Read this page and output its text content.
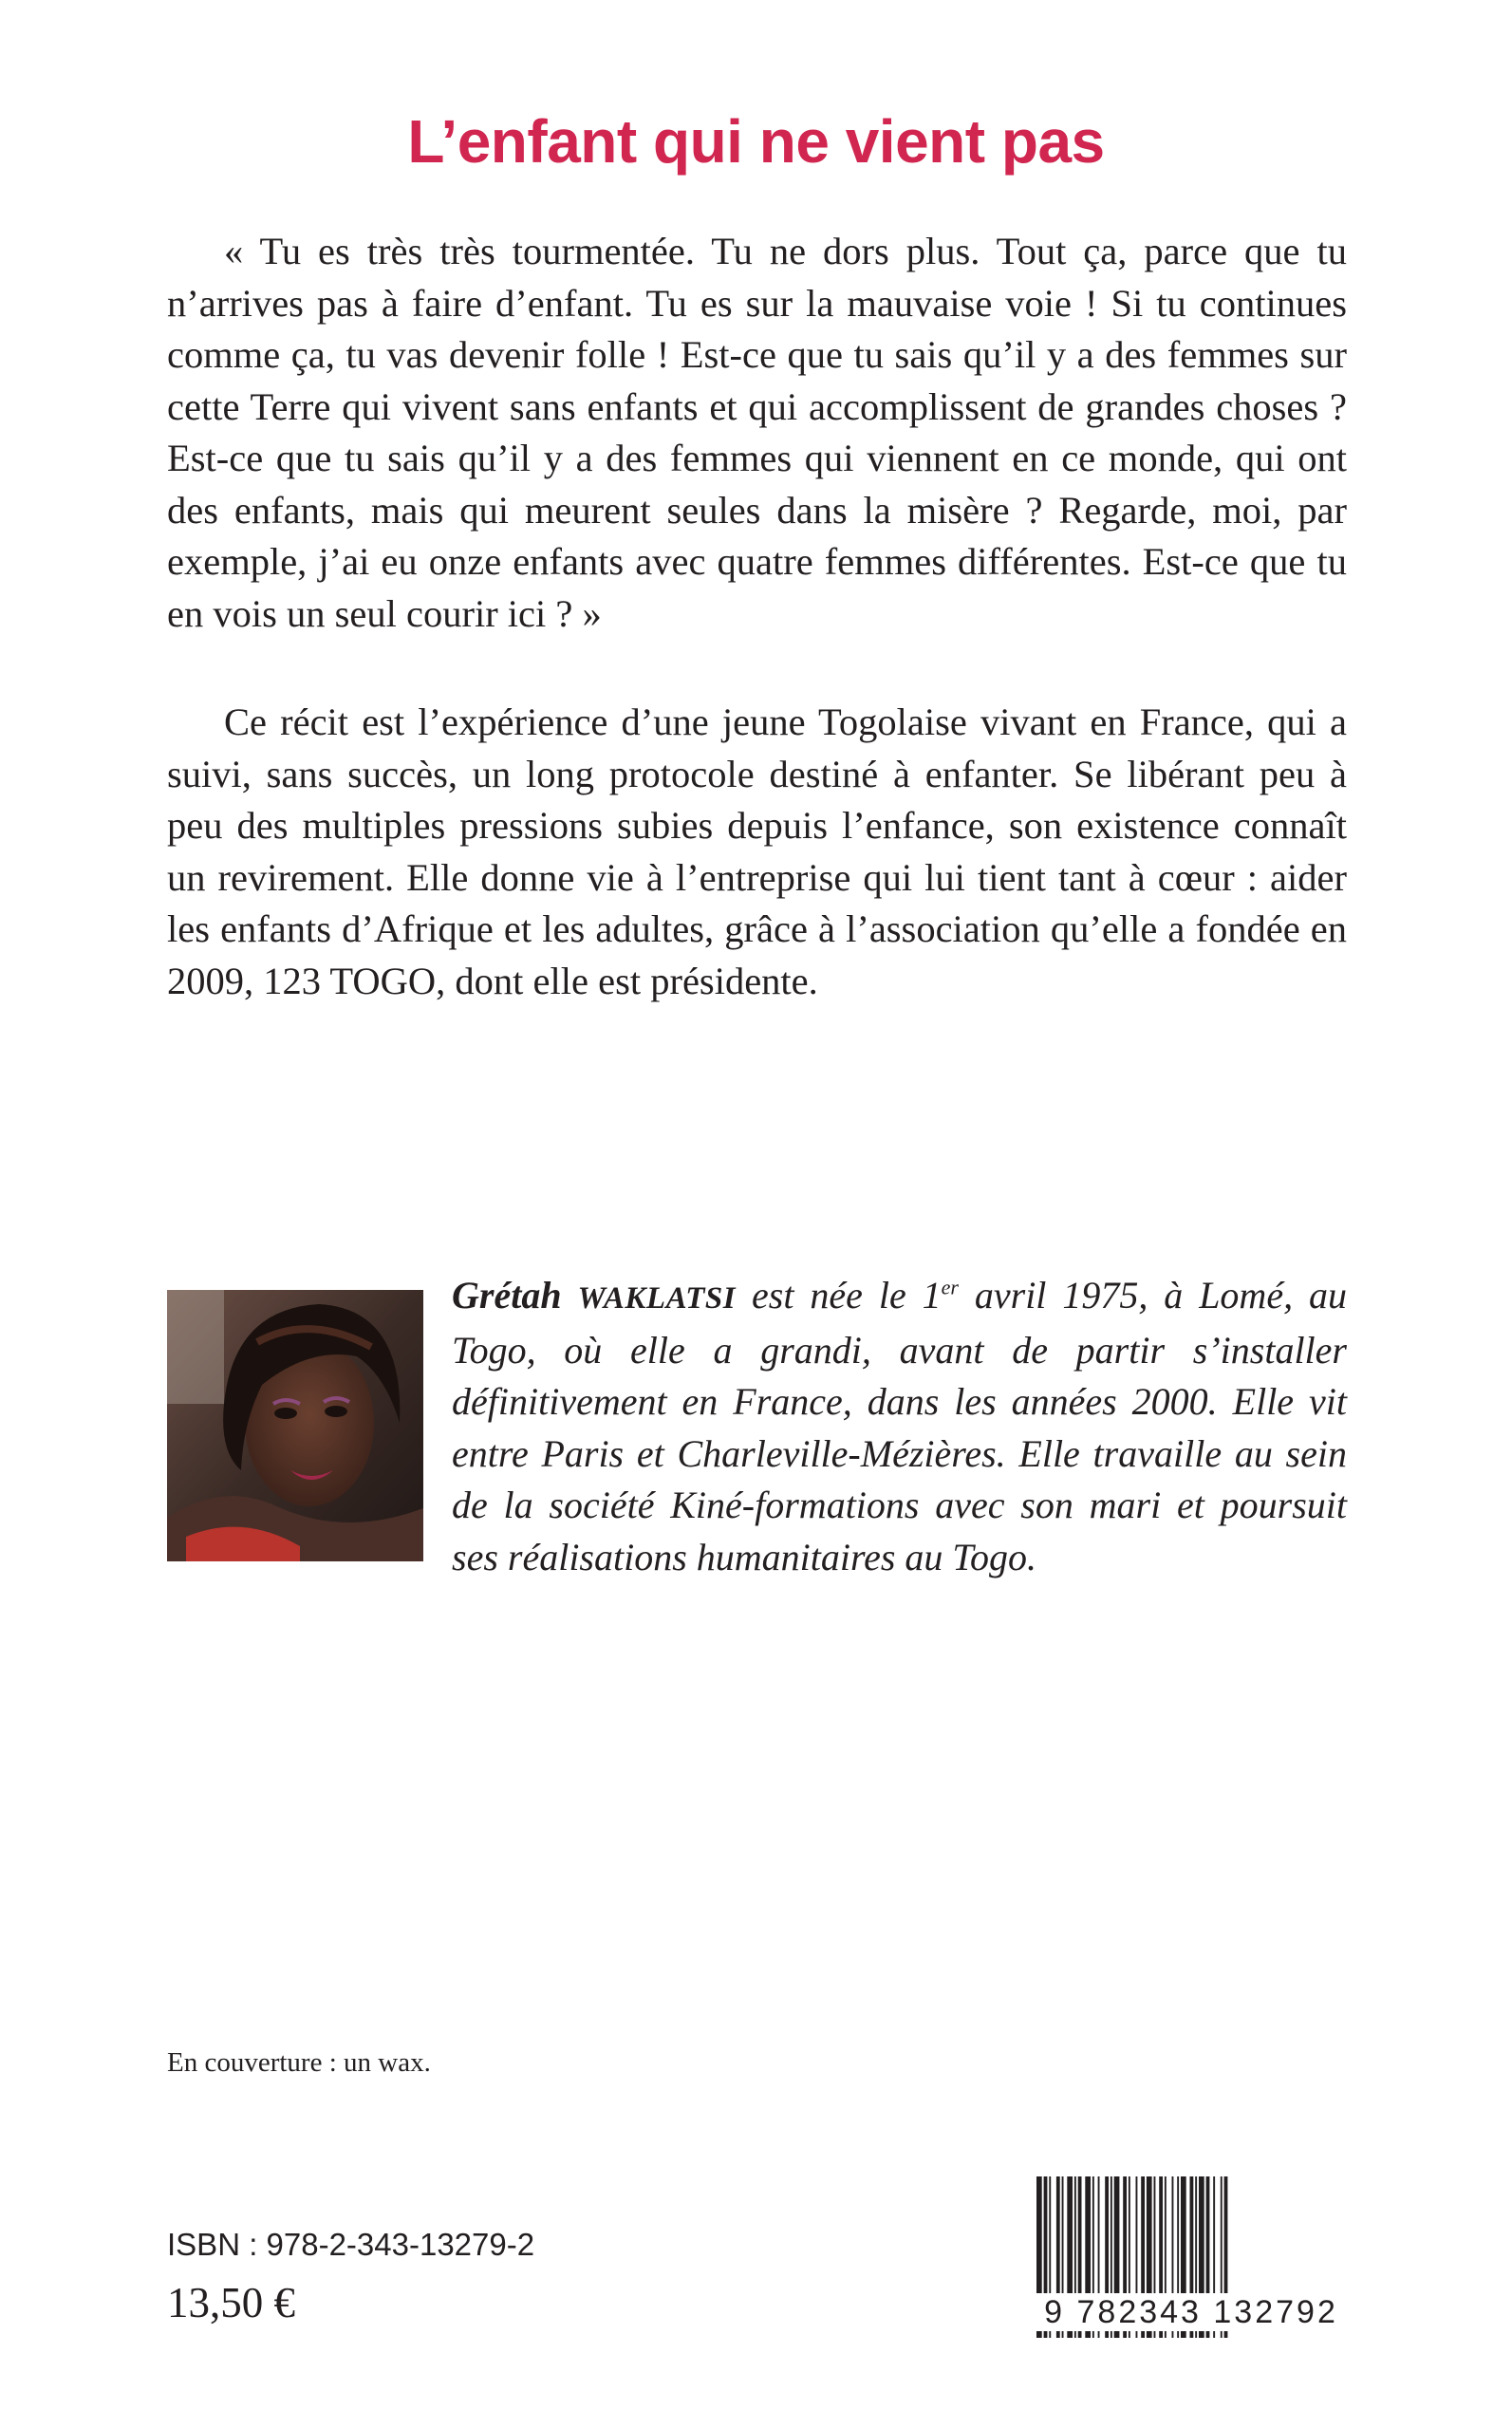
L’enfant qui ne vient pas

« Tu es très très tourmentée. Tu ne dors plus. Tout ça, parce que tu n’arrives pas à faire d’enfant. Tu es sur la mauvaise voie ! Si tu continues comme ça, tu vas devenir folle ! Est-ce que tu sais qu’il y a des femmes sur cette Terre qui vivent sans enfants et qui accomplissent de grandes choses ? Est-ce que tu sais qu’il y a des femmes qui viennent en ce monde, qui ont des enfants, mais qui meurent seules dans la misère ? Regarde, moi, par exemple, j’ai eu onze enfants avec quatre femmes différentes. Est-ce que tu en vois un seul courir ici ? »

Ce récit est l’expérience d’une jeune Togolaise vivant en France, qui a suivi, sans succès, un long protocole destiné à enfanter. Se libérant peu à peu des multiples pressions subies depuis l’enfance, son existence connaît un revirement. Elle donne vie à l’entreprise qui lui tient tant à cœur : aider les enfants d’Afrique et les adultes, grâce à l’association qu’elle a fondée en 2009, 123 TOGO, dont elle est présidente.

Grétah WAKLATSI est née le 1er avril 1975, à Lomé, au Togo, où elle a grandi, avant de partir s’installer définitivement en France, dans les années 2000. Elle vit entre Paris et Charleville-Mézières. Elle travaille au sein de la société Kiné-formations avec son mari et poursuit ses réalisations humanitaires au Togo.

En couverture : un wax.

ISBN : 978-2-343-13279-2

13,50 €	9 782343 132792
